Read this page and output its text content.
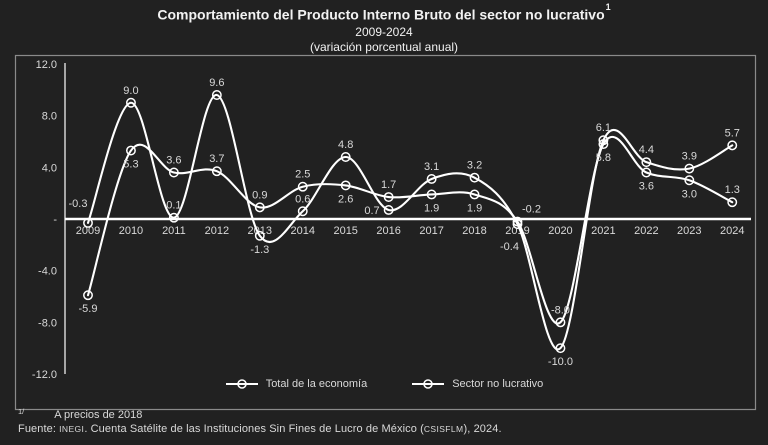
Comportamiento del Producto Interno Bruto del sector no lucrativo$^1$
2009-2024
(variación porcentual anual)
12.0
8.0
4.0
-
-4.0
-8.0
-12.0
2009 2010 2011 2012 2013 2014 2015 2016 2017 2018 2019 2020 2021 2022 2023 2024
-5.9
5.3	3.6	3.7
0.9
2.5
2.6
1.7
1.9	1.9	-0.2
-8.0
5.8
3.6
3.0	1.3
-0.3
9.0
0.1
9.6
-1.3
0.6
4.8
0.7
3.1	3.2
-0.4
-10.0
6.1
4.4
3.9
5.7
Total de la economía	Sector no lucrativo
$^{1/}$	A precios de 2018
Fuente: INEGI. Cuenta Satélite de las Instituciones Sin Fines de Lucro de México (CSISFLM), 2024.
